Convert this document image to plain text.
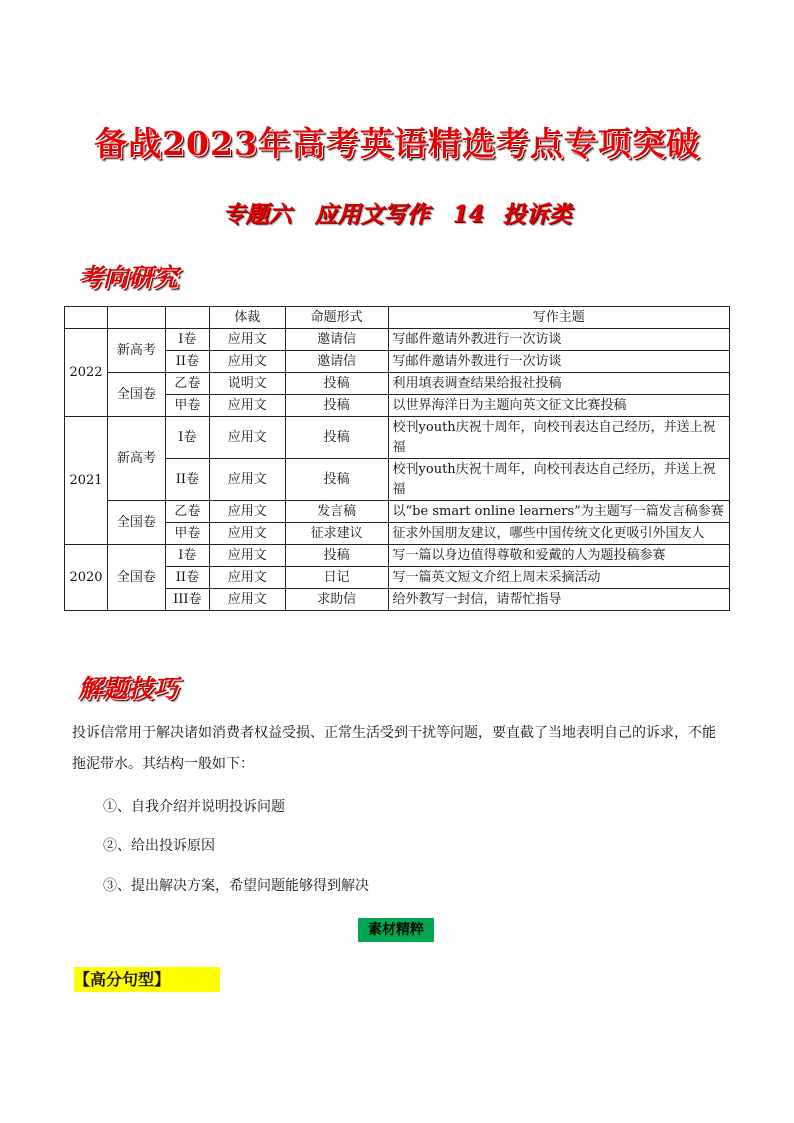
备战2023年高考英语精选考点专项突破
专题六　应用文写作　14 投诉类
考向研究
			体裁	命题形式	写作主题
2022	新高考	I卷	应用文	邀请信	写邮件邀请外教进行一次访谈
		II卷	应用文	邀请信	写邮件邀请外教进行一次访谈
	全国卷	乙卷	说明文	投稿	利用填表调查结果给报社投稿
		甲卷	应用文	投稿	以世界海洋日为主题向英文征文比赛投稿
2021	新高考	I卷	应用文	投稿	校刊youth庆祝十周年，向校刊表达自己经历，并送上祝福
		II卷	应用文	投稿	校刊youth庆祝十周年，向校刊表达自己经历，并送上祝福
	全国卷	乙卷	应用文	发言稿	以“be smart online learners”为主题写一篇发言稿参赛
		甲卷	应用文	征求建议	征求外国朋友建议，哪些中国传统文化更吸引外国友人
2020	全国卷	I卷	应用文	投稿	写一篇以身边值得尊敬和爱戴的人为题投稿参赛
		II卷	应用文	日记	写一篇英文短文介绍上周末采摘活动
		III卷	应用文	求助信	给外教写一封信，请帮忙指导
解题技巧
投诉信常用于解决诸如消费者权益受损、正常生活受到干扰等问题，要直截了当地表明自己的诉求，不能拖泥带水。其结构一般如下：
①、自我介绍并说明投诉问题
②、给出投诉原因
③、提出解决方案，希望问题能够得到解决
素材精粹
【高分句型】
